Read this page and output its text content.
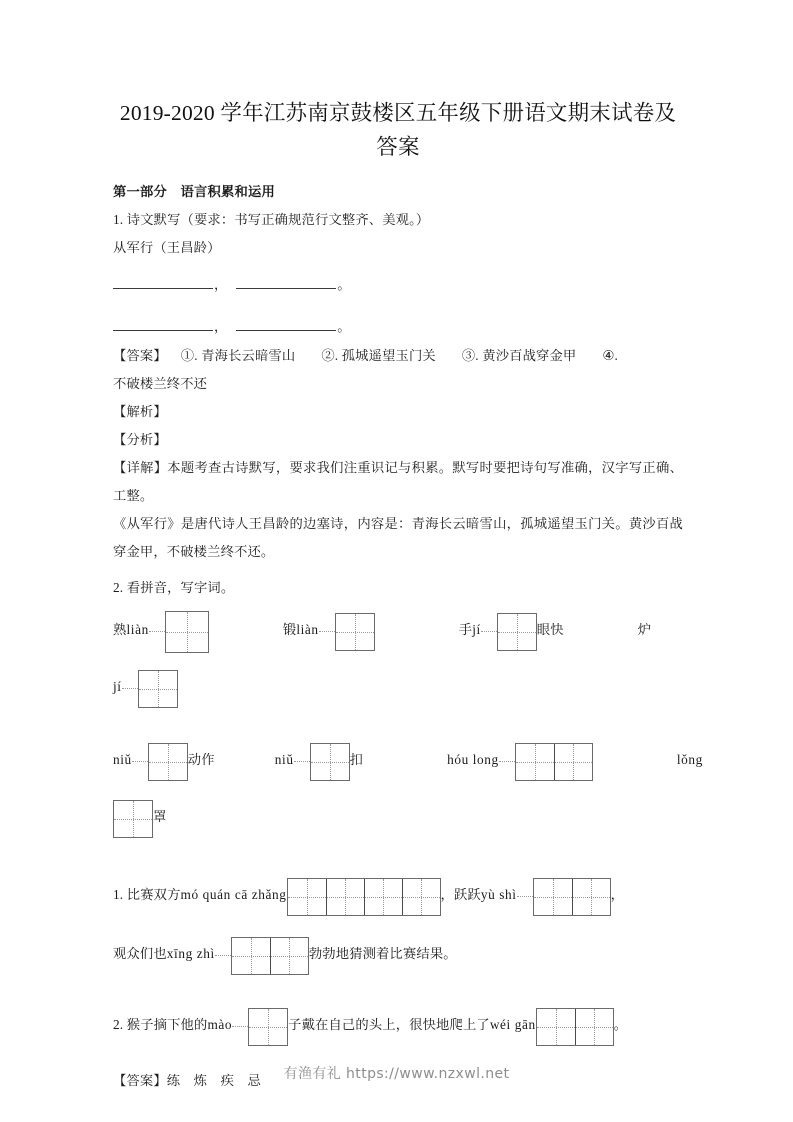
2019-2020 学年江苏南京鼓楼区五年级下册语文期末试卷及答案

第一部分　语言积累和运用

1. 诗文默写（要求：书写正确规范行文整齐、美观。）

从军行（王昌龄）

，	。
，	。

【答案】 ①. 青海长云暗雪山 ②. 孤城遥望玉门关 ③. 黄沙百战穿金甲 ④.

不破楼兰终不还

【解析】

【分析】

【详解】本题考查古诗默写，要求我们注重识记与积累。默写时要把诗句写准确，汉字写正确、工整。

《从军行》是唐代诗人王昌龄的边塞诗，内容是：青海长云暗雪山，孤城遥望玉门关。黄沙百战穿金甲，不破楼兰终不还。

2. 看拼音，写字词。

熟liàn	锻liàn	手jí	眼快	炉
jí
niǔ	动作	niǔ	扣	hóu long	lǒng
罩
1. 比赛双方mó quán cā zhǎng	，跃跃yù shì	，
观众们也xīng zhì	勃勃地猜测着比赛结果。
2. 猴子摘下他的mào	子戴在自己的头上，很快地爬上了wéi gān	。

【答案】练　炼　疾　忌	有渔有礼 https://www.nzxwl.net
